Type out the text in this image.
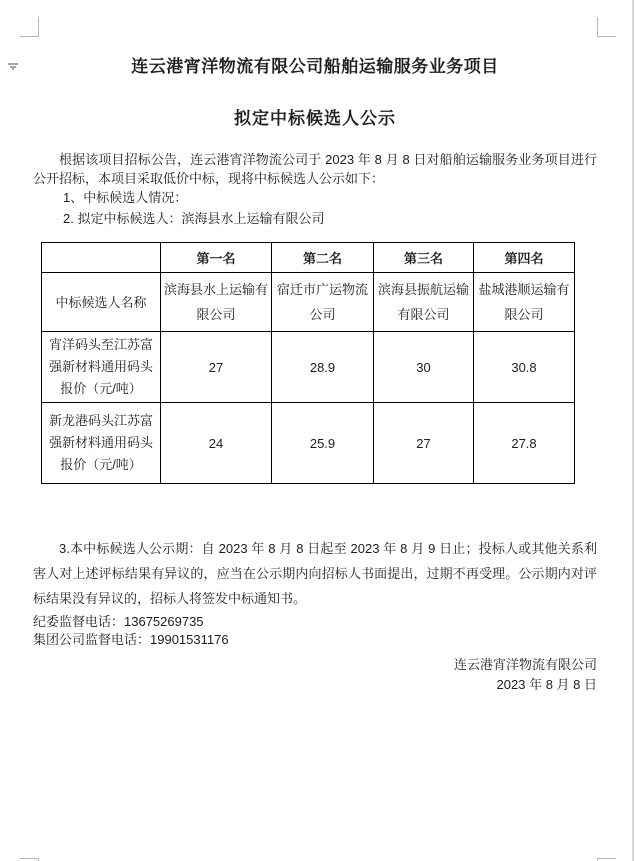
连云港宵洋物流有限公司船舶运输服务业务项目
拟定中标候选人公示

根据该项目招标公告，连云港宵洋物流公司于 2023 年 8 月 8 日对船舶运输服务业务项目进行公开招标，本项目采取低价中标，现将中标候选人公示如下：

1、中标候选人情况：

2. 拟定中标候选人：滨海县水上运输有限公司

	第一名	第二名	第三名	第四名
中标候选人名称	滨海县水上运输有限公司	宿迁市广运物流公司	滨海县振航运输有限公司	盐城港顺运输有限公司
宵洋码头至江苏富强新材料通用码头报价（元/吨）	27	28.9	30	30.8
新龙港码头江苏富强新材料通用码头报价（元/吨）	24	25.9	27	27.8

3.本中标候选人公示期：自 2023 年 8 月 8 日起至 2023 年 8 月 9 日止；投标人或其他关系利害人对上述评标结果有异议的，应当在公示期内向招标人书面提出，过期不再受理。公示期内对评标结果没有异议的，招标人将签发中标通知书。

纪委监督电话：13675269735

集团公司监督电话：19901531176

连云港宵洋物流有限公司

2023 年 8 月 8 日
